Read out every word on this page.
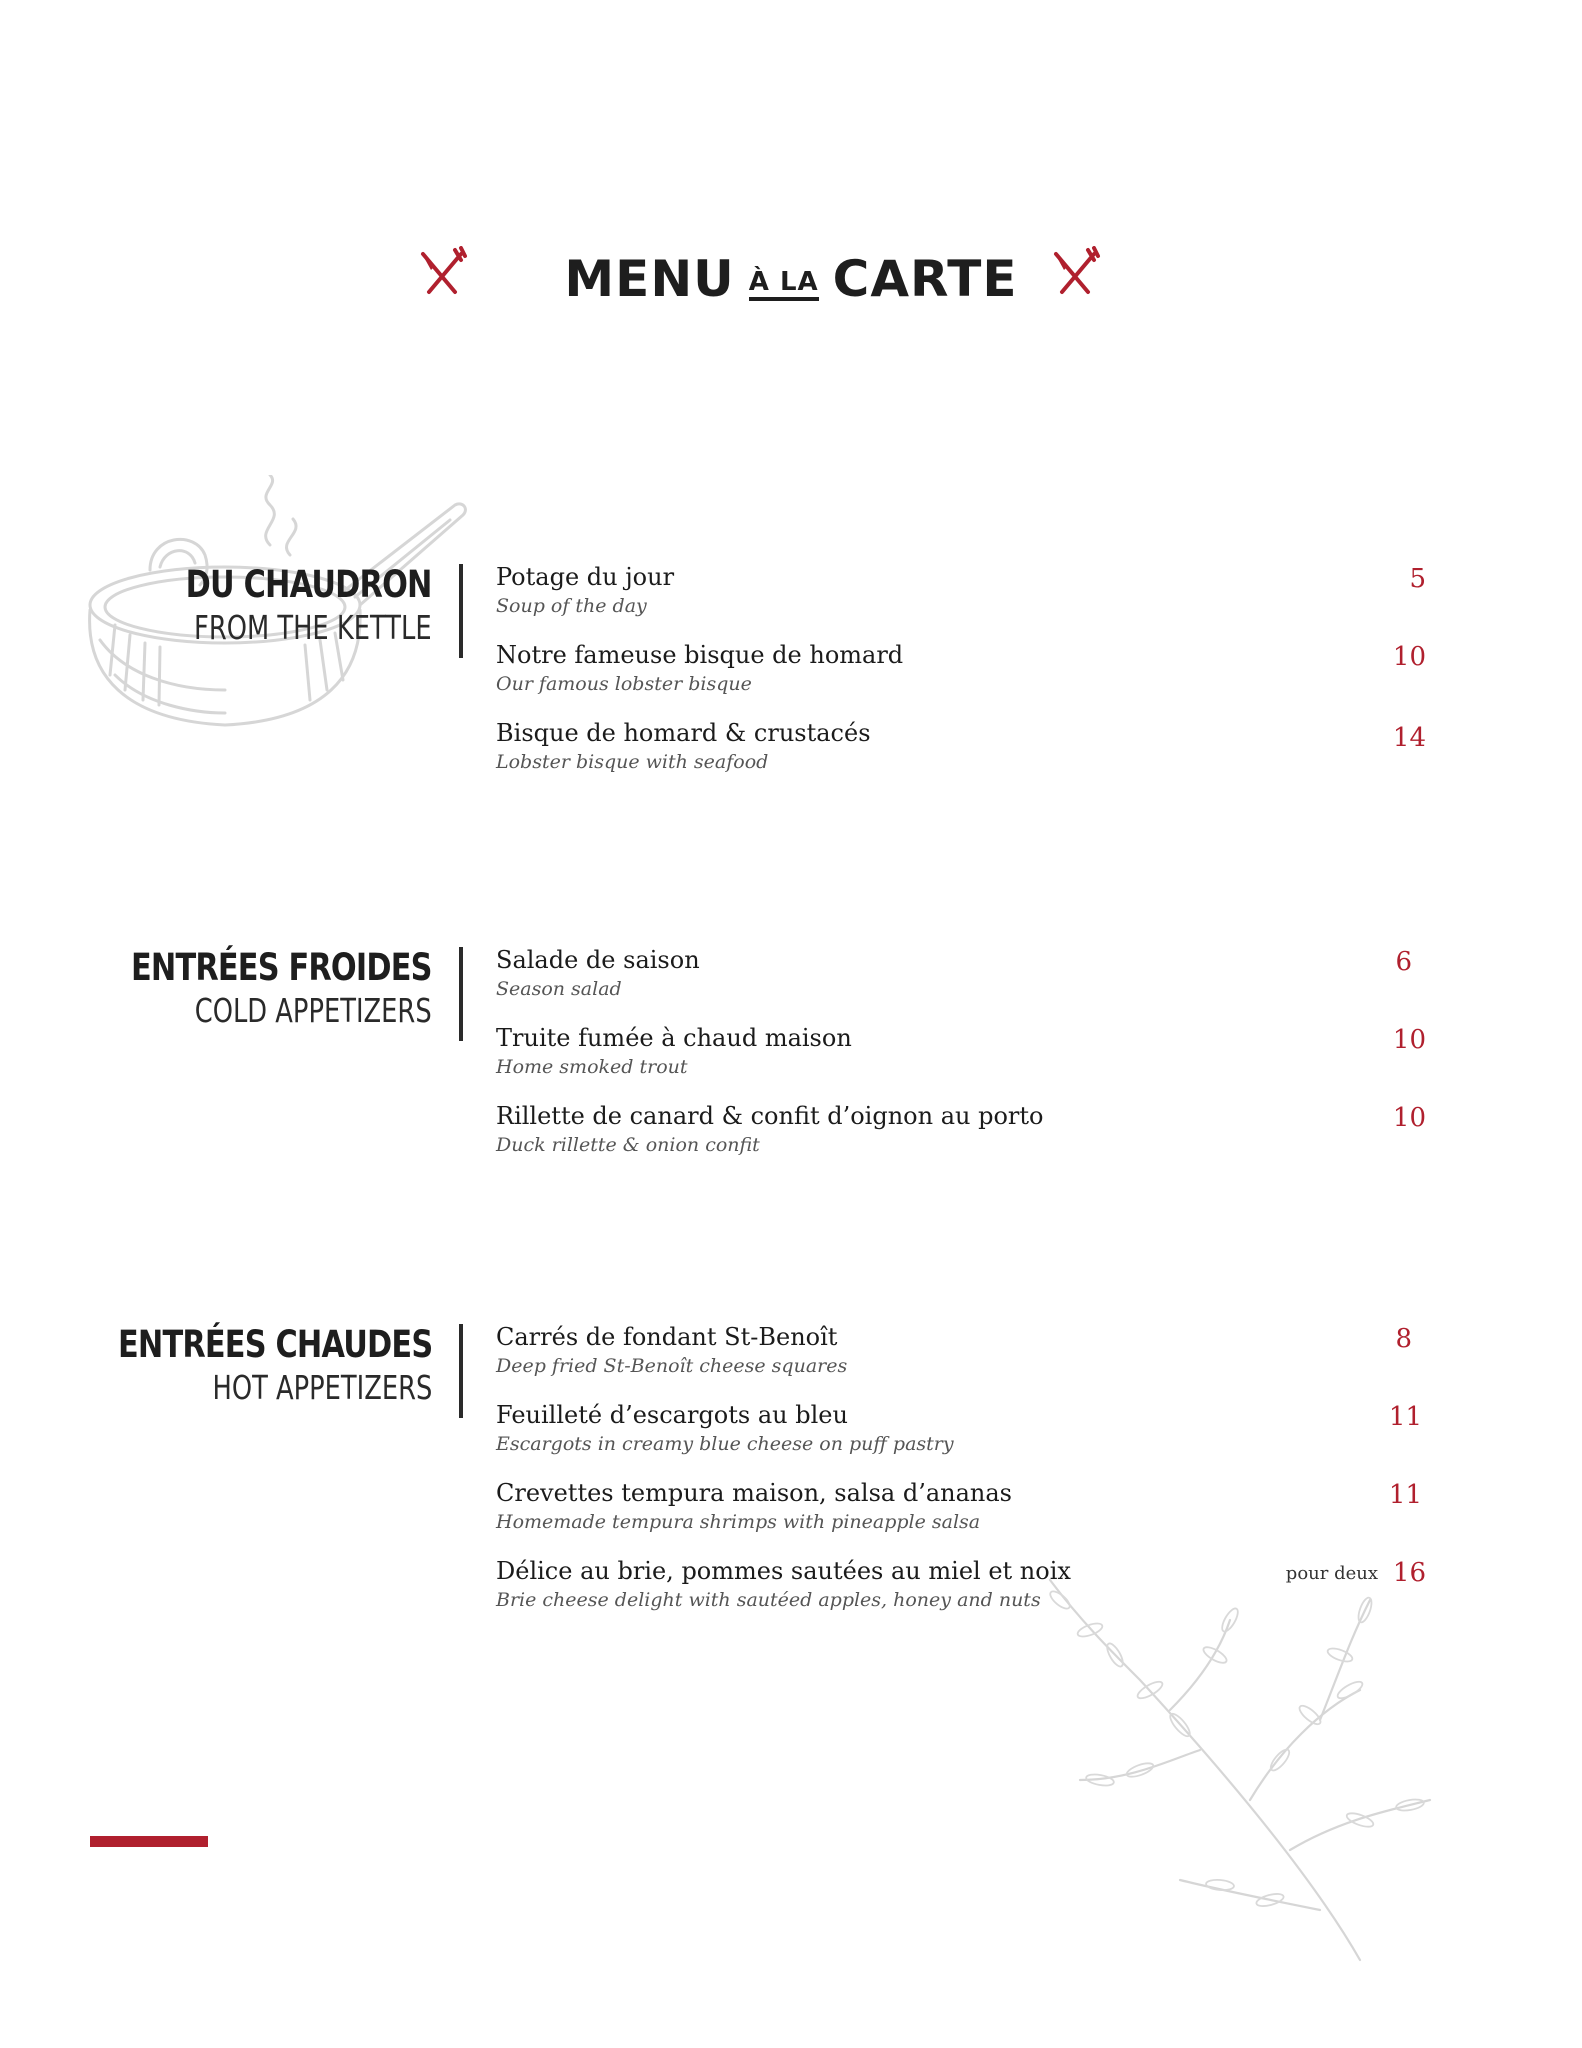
MENU À LA CARTE
DU CHAUDRON
FROM THE KETTLE
Potage du jour
Soup of the day
5
Notre fameuse bisque de homard
Our famous lobster bisque
10
Bisque de homard & crustacés
Lobster bisque with seafood
14
ENTRÉES FROIDES
COLD APPETIZERS
Salade de saison
Season salad
6
Truite fumée à chaud maison
Home smoked trout
10
Rillette de canard & confit d’oignon au porto
Duck rillette & onion confit
10
ENTRÉES CHAUDES
HOT APPETIZERS
Carrés de fondant St-Benoît
Deep fried St-Benoît cheese squares
8
Feuilleté d’escargots au bleu
Escargots in creamy blue cheese on puff pastry
11
Crevettes tempura maison, salsa d’ananas
Homemade tempura shrimps with pineapple salsa
11
Délice au brie, pommes sautées au miel et noix
Brie cheese delight with sautéed apples, honey and nuts
pour deux 16
